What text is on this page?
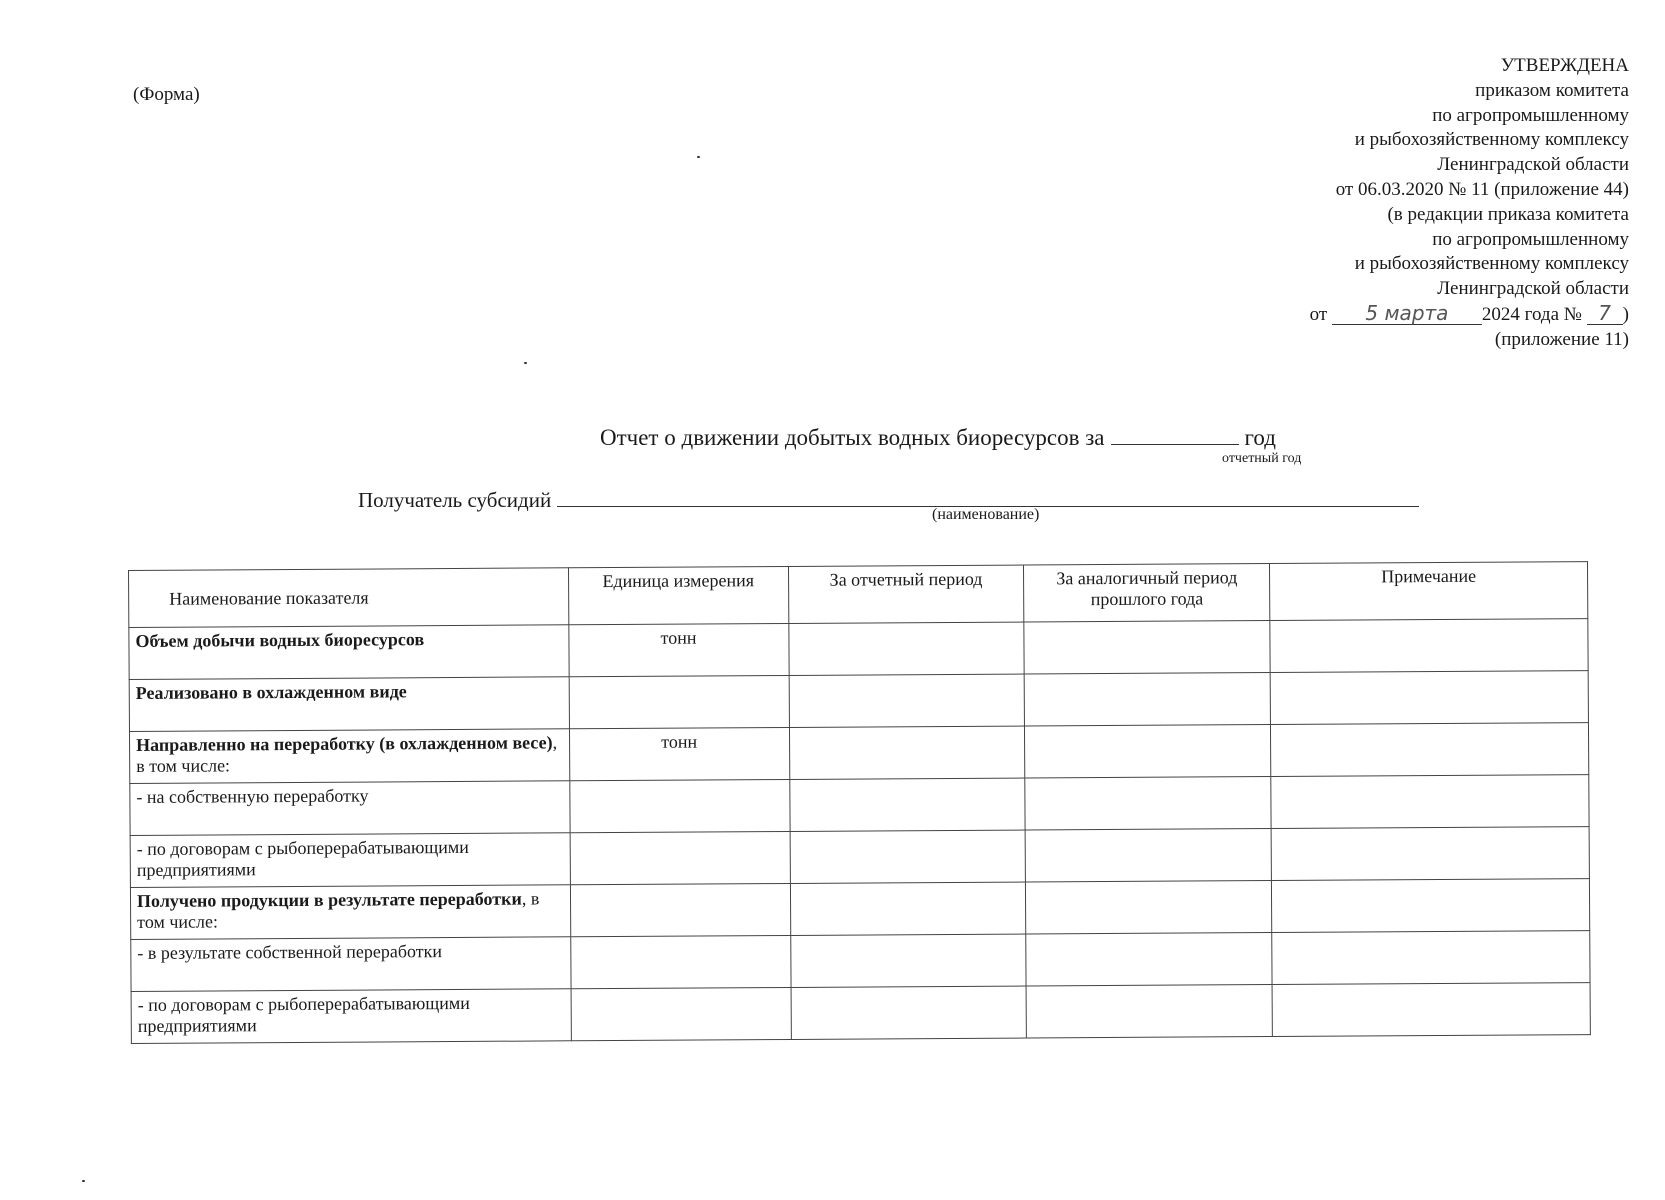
(Форма)
УТВЕРЖДЕНА
приказом комитета
по агропромышленному
и рыбохозяйственному комплексу
Ленинградской области
от 06.03.2020 № 11 (приложение 44)
(в редакции приказа комитета
по агропромышленному
и рыбохозяйственному комплексу
Ленинградской области
от 5 марта 2024 года № 7 )
(приложение 11)
Отчет о движении добытых водных биоресурсов за	год
отчетный год
Получатель субсидий
(наименование)
Наименование показателя	Единица измерения	За отчетный период	За аналогичный период прошлого года	Примечание
Объем добычи водных биоресурсов	тонн			
Реализовано в охлажденном виде				
Направленно на переработку (в охлажденном весе), в том числе:	тонн			
- на собственную переработку				
- по договорам с рыбоперерабатывающими предприятиями				
Получено продукции в результате переработки, в том числе:				
- в результате собственной переработки				
- по договорам с рыбоперерабатывающими предприятиями				
